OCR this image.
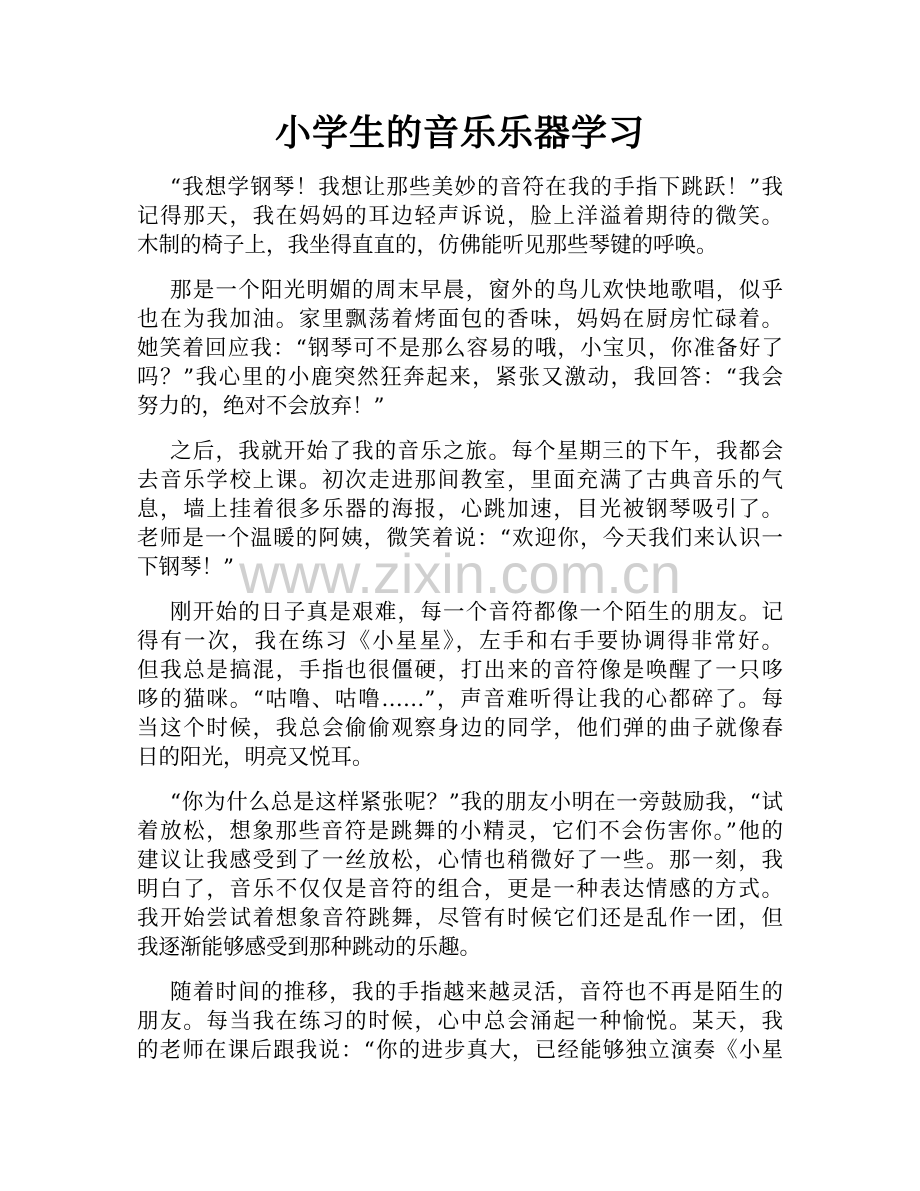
小学生的音乐乐器学习

“我想学钢琴！我想让那些美妙的音符在我的手指下跳跃！”我
记得那天，我在妈妈的耳边轻声诉说，脸上洋溢着期待的微笑。
木制的椅子上，我坐得直直的，仿佛能听见那些琴键的呼唤。

那是一个阳光明媚的周末早晨，窗外的鸟儿欢快地歌唱，似乎
也在为我加油。家里飘荡着烤面包的香味，妈妈在厨房忙碌着。
她笑着回应我：“钢琴可不是那么容易的哦，小宝贝，你准备好了
吗？”我心里的小鹿突然狂奔起来，紧张又激动，我回答：“我会
努力的，绝对不会放弃！”

之后，我就开始了我的音乐之旅。每个星期三的下午，我都会
去音乐学校上课。初次走进那间教室，里面充满了古典音乐的气
息，墙上挂着很多乐器的海报，心跳加速，目光被钢琴吸引了。
老师是一个温暖的阿姨，微笑着说：“欢迎你，今天我们来认识一
下钢琴！”

刚开始的日子真是艰难，每一个音符都像一个陌生的朋友。记
得有一次，我在练习《小星星》，左手和右手要协调得非常好。
但我总是搞混，手指也很僵硬，打出来的音符像是唤醒了一只哆
哆的猫咪。“咕噜、咕噜……”，声音难听得让我的心都碎了。每
当这个时候，我总会偷偷观察身边的同学，他们弹的曲子就像春
日的阳光，明亮又悦耳。

“你为什么总是这样紧张呢？”我的朋友小明在一旁鼓励我，“试
着放松，想象那些音符是跳舞的小精灵，它们不会伤害你。”他的
建议让我感受到了一丝放松，心情也稍微好了一些。那一刻，我
明白了，音乐不仅仅是音符的组合，更是一种表达情感的方式。
我开始尝试着想象音符跳舞，尽管有时候它们还是乱作一团，但
我逐渐能够感受到那种跳动的乐趣。

随着时间的推移，我的手指越来越灵活，音符也不再是陌生的
朋友。每当我在练习的时候，心中总会涌起一种愉悦。某天，我
的老师在课后跟我说：“你的进步真大，已经能够独立演奏《小星

www.zixin.com.cn
